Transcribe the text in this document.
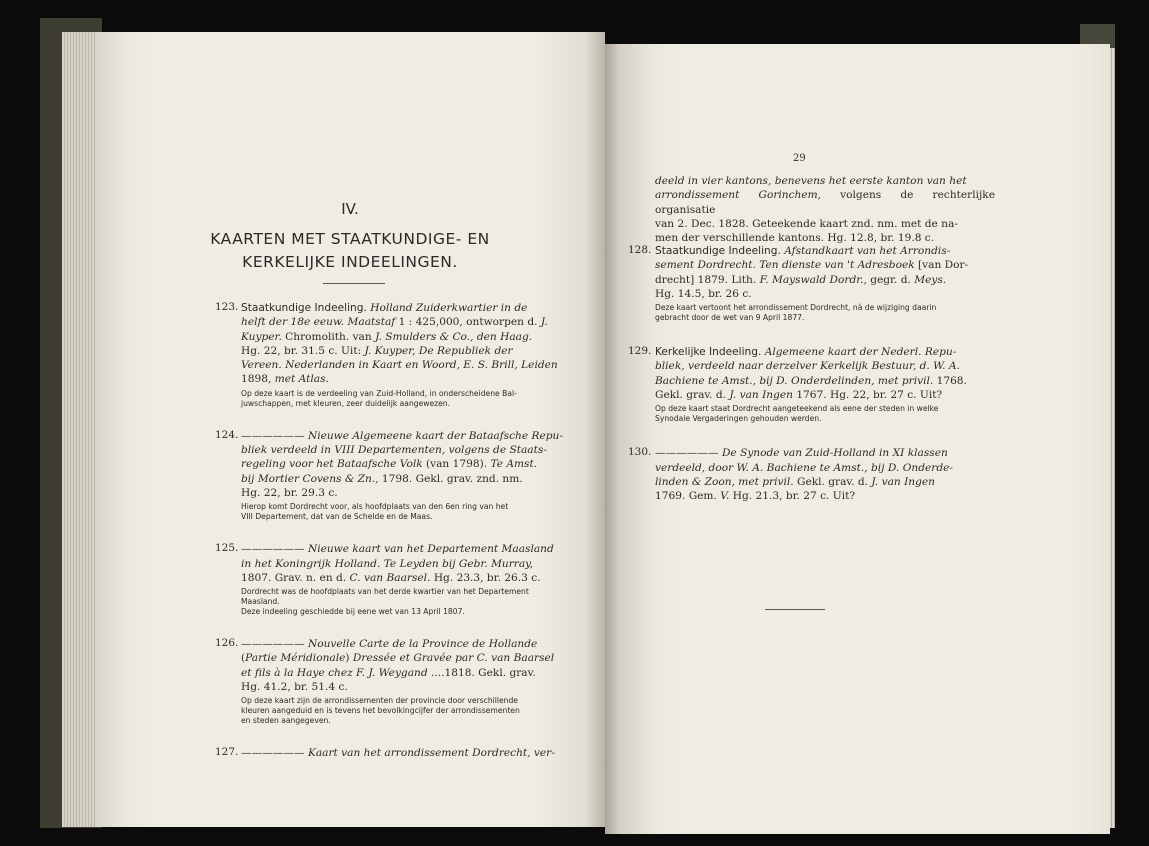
IV.
KAARTEN MET STAATKUNDIGE- EN
KERKELIJKE INDEELINGEN.
123. Staatkundige Indeeling. Holland Zuiderkwartier in de
helft der 18e eeuw. Maatstaf 1 : 425,000, ontworpen d. J.
Kuyper. Chromolith. van J. Smulders & Co., den Haag.
Hg. 22, br. 31.5 c. Uit: J. Kuyper, De Republiek der
Vereen. Nederlanden in Kaart en Woord, E. S. Brill, Leiden
1898, met Atlas.
Op deze kaart is de verdeeling van Zuid-Holland, in onderscheidene Bal-
juwschappen, met kleuren, zeer duidelijk aangewezen.
124. —————— Nieuwe Algemeene kaart der Bataafsche Repu-
bliek verdeeld in VIII Departementen, volgens de Staats-
regeling voor het Bataafsche Volk (van 1798). Te Amst.
bij Mortier Covens & Zn., 1798. Gekl. grav. znd. nm.
Hg. 22, br. 29.3 c.
Hierop komt Dordrecht voor, als hoofdplaats van den 6en ring van het
VIII Departement, dat van de Schelde en de Maas.
125. —————— Nieuwe kaart van het Departement Maasland
in het Koningrijk Holland. Te Leyden bij Gebr. Murray,
1807. Grav. n. en d. C. van Baarsel. Hg. 23.3, br. 26.3 c.
Dordrecht was de hoofdplaats van het derde kwartier van het Departement
Maasland.
Deze indeeling geschiedde bij eene wet van 13 April 1807.
126. —————— Nouvelle Carte de la Province de Hollande
(Partie Méridionale) Dressée et Gravée par C. van Baarsel
et fils à la Haye chez F. J. Weygand ....1818. Gekl. grav.
Hg. 41.2, br. 51.4 c.
Op deze kaart zijn de arrondissementen der provincie door verschillende
kleuren aangeduid en is tevens het bevolkingcijfer der arrondissementen
en steden aangegeven.
127. —————— Kaart van het arrondissement Dordrecht, ver-
29
deeld in vier kantons, benevens het eerste kanton van het
arrondissement Gorinchem, volgens de rechterlijke organisatie
van 2. Dec. 1828. Geteekende kaart znd. nm. met de na-
men der verschillende kantons. Hg. 12.8, br. 19.8 c.
128. Staatkundige Indeeling. Afstandkaart van het Arrondis-
sement Dordrecht. Ten dienste van 't Adresboek [van Dor-
drecht] 1879. Lith. F. Mayswald Dordr., gegr. d. Meys.
Hg. 14.5, br. 26 c.
Deze kaart vertoont het arrondissement Dordrecht, nà de wijziging daarin
gebracht door de wet van 9 April 1877.
129. Kerkelijke Indeeling. Algemeene kaart der Nederl. Repu-
bliek, verdeeld naar derzelver Kerkelijk Bestuur, d. W. A.
Bachiene te Amst., bij D. Onderdelinden, met privil. 1768.
Gekl. grav. d. J. van Ingen 1767. Hg. 22, br. 27 c. Uit?
Op deze kaart staat Dordrecht aangeteekend als eene der steden in welke
Synodale Vergaderingen gehouden werden.
130. —————— De Synode van Zuid-Holland in XI klassen
verdeeld, door W. A. Bachiene te Amst., bij D. Onderde-
linden & Zoon, met privil. Gekl. grav. d. J. van Ingen
1769. Gem. V. Hg. 21.3, br. 27 c. Uit?
